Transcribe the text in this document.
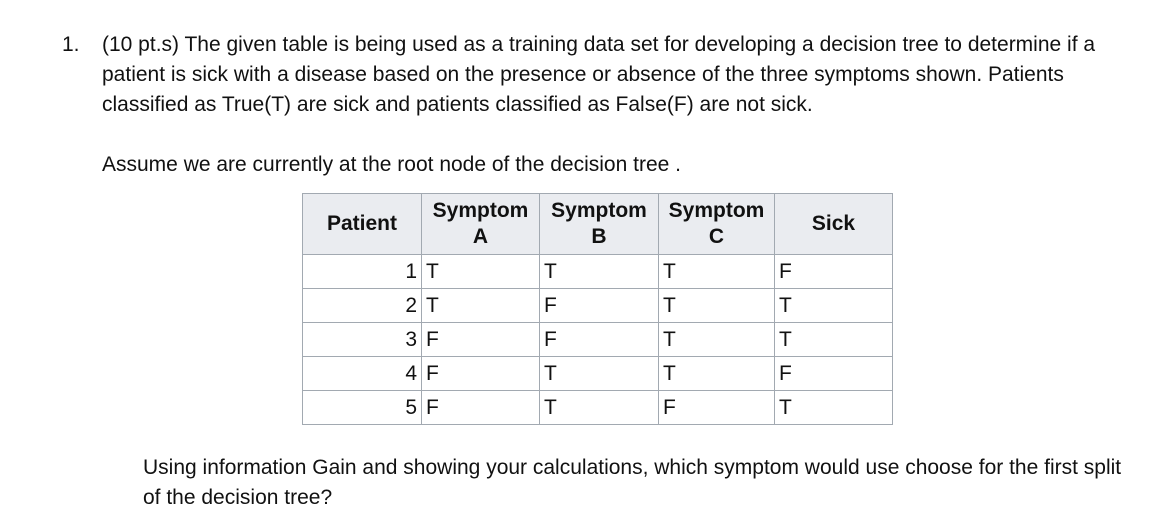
1. (10 pt.s) The given table is being used as a training data set for developing a decision tree to determine if a patient is sick with a disease based on the presence or absence of the three symptoms shown. Patients classified as True(T) are sick and patients classified as False(F) are not sick.

Assume we are currently at the root node of the decision tree .
Patient	Symptom A	Symptom B	Symptom C	Sick
1	T	T	T	F
2	T	F	T	T
3	F	F	T	T
4	F	T	T	F
5	F	T	F	T
Using information Gain and showing your calculations, which symptom would use choose for the first split of the decision tree?
